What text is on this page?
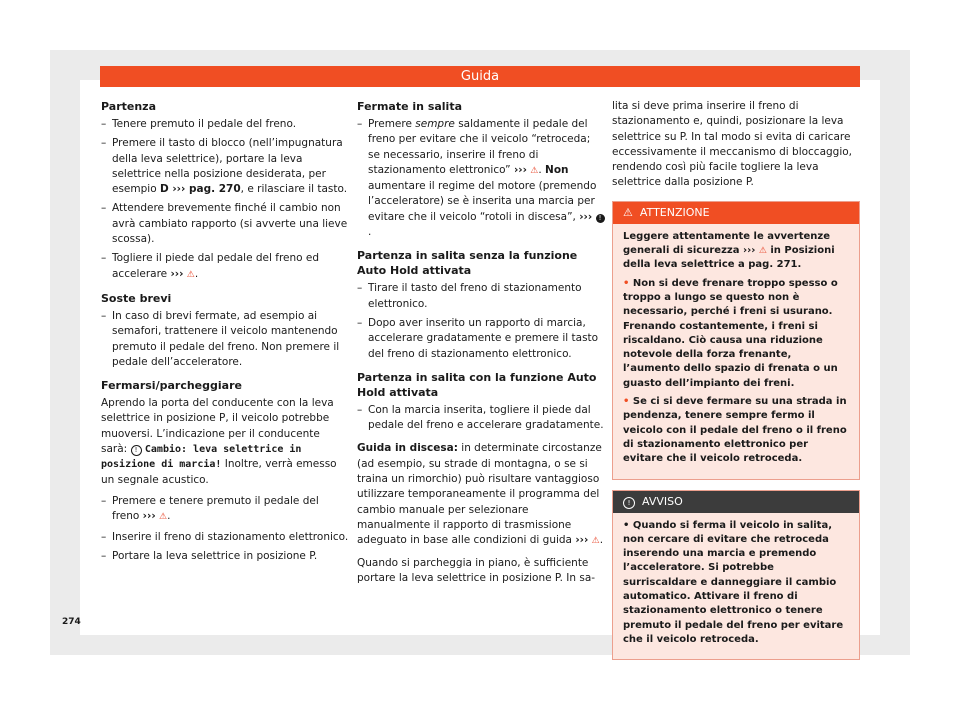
Guida
Partenza
– Tenere premuto il pedale del freno.
– Premere il tasto di blocco (nell’impugnatura della leva selettrice), portare la leva selettrice nella posizione desiderata, per esempio D ››› pag. 270, e rilasciare il tasto.
– Attendere brevemente finché il cambio non avrà cambiato rapporto (si avverte una lieve scossa).
– Togliere il piede dal pedale del freno ed accelerare ››› ⚠.
Soste brevi
– In caso di brevi fermate, ad esempio ai semafori, trattenere il veicolo mantenendo premuto il pedale del freno. Non premere il pedale dell’acceleratore.
Fermarsi/parcheggiare

Aprendo la porta del conducente con la leva selettrice in posizione P, il veicolo potrebbe muoversi. L’indicazione per il conducente sarà: ! Cambio: leva selettrice in posizione di marcia! Inoltre, verrà emesso un segnale acustico.

– Premere e tenere premuto il pedale del freno ››› ⚠.
– Inserire il freno di stazionamento elettronico.
– Portare la leva selettrice in posizione P.
Fermate in salita
– Premere sempre saldamente il pedale del freno per evitare che il veicolo “retroceda; se necessario, inserire il freno di stazionamento elettronico” ››› ⚠. Non aumentare il regime del motore (premendo l’acceleratore) se è inserita una marcia per evitare che il veicolo “rotoli in discesa”, ››› !.
Partenza in salita senza la funzione Auto Hold attivata
– Tirare il tasto del freno di stazionamento elettronico.
– Dopo aver inserito un rapporto di marcia, accelerare gradatamente e premere il tasto del freno di stazionamento elettronico.
Partenza in salita con la funzione Auto Hold attivata
– Con la marcia inserita, togliere il piede dal pedale del freno e accelerare gradatamente.

Guida in discesa: in determinate circostanze (ad esempio, su strade di montagna, o se si traina un rimorchio) può risultare vantaggioso utilizzare temporaneamente il programma del cambio manuale per selezionare manualmente il rapporto di trasmissione adeguato in base alle condizioni di guida ››› ⚠.

Quando si parcheggia in piano, è sufficiente portare la leva selettrice in posizione P. In sa-

lita si deve prima inserire il freno di stazionamento e, quindi, posizionare la leva selettrice su P. In tal modo si evita di caricare eccessivamente il meccanismo di bloccaggio, rendendo così più facile togliere la leva selettrice dalla posizione P.

⚠ ATTENZIONE

Leggere attentamente le avvertenze generali di sicurezza ››› ⚠ in Posizioni della leva selettrice a pag. 271.

• Non si deve frenare troppo spesso o troppo a lungo se questo non è necessario, perché i freni si usurano. Frenando costantemente, i freni si riscaldano. Ciò causa una riduzione notevole della forza frenante, l’aumento dello spazio di frenata o un guasto dell’impianto dei freni.

• Se ci si deve fermare su una strada in pendenza, tenere sempre fermo il veicolo con il pedale del freno o il freno di stazionamento elettronico per evitare che il veicolo retroceda.

! AVVISO

• Quando si ferma il veicolo in salita, non cercare di evitare che retroceda inserendo una marcia e premendo l’acceleratore. Si potrebbe surriscaldare e danneggiare il cambio automatico. Attivare il freno di stazionamento elettronico o tenere premuto il pedale del freno per evitare che il veicolo retroceda.

274
